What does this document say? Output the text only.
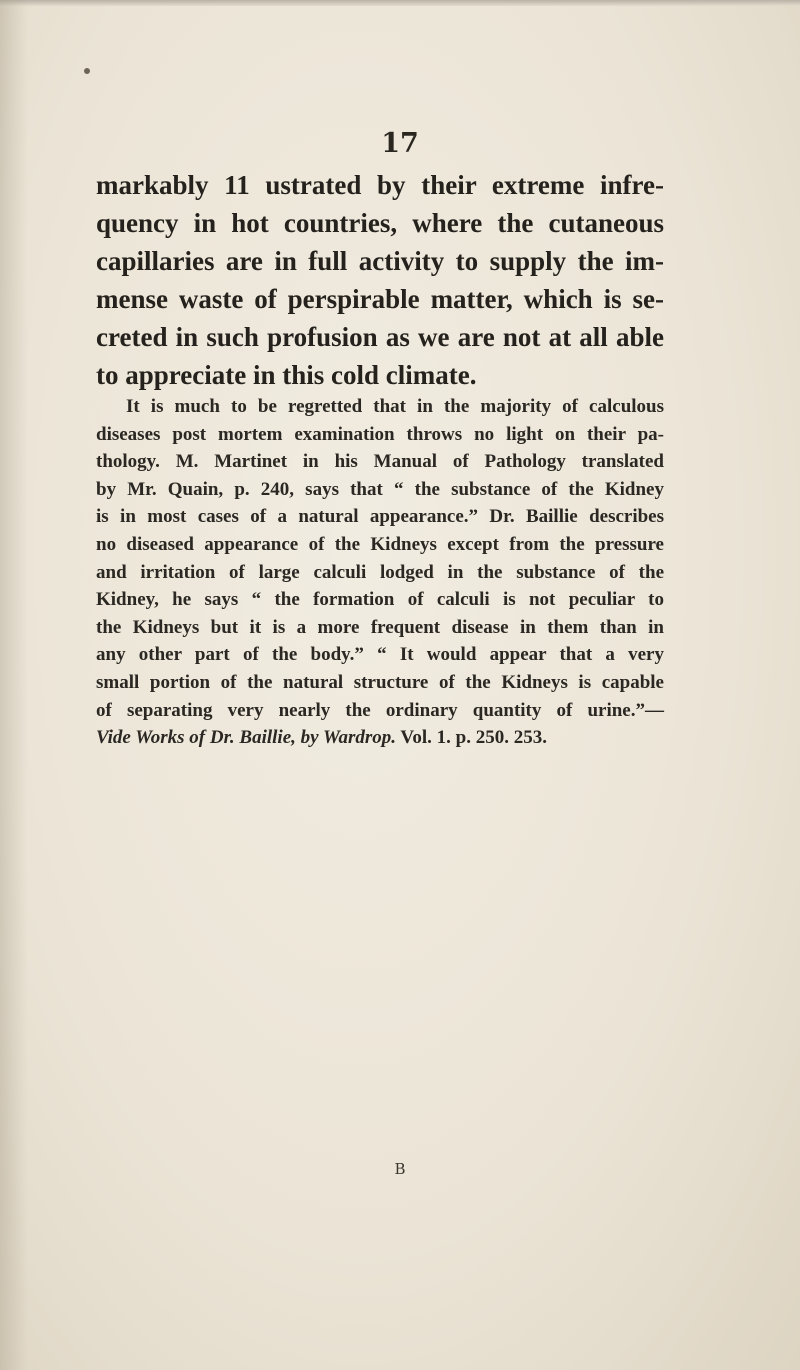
17

markably 11 ustrated by their extreme infre-
quency in hot countries, where the cutaneous
capillaries are in full activity to supply the im-
mense waste of perspirable matter, which is se-
creted in such profusion as we are not at all able
to appreciate in this cold climate.

It is much to be regretted that in the majority of calculous
diseases post mortem examination throws no light on their pa-
thology. M. Martinet in his Manual of Pathology translated
by Mr. Quain, p. 240, says that “ the substance of the Kidney
is in most cases of a natural appearance.” Dr. Baillie describes
no diseased appearance of the Kidneys except from the pressure
and irritation of large calculi lodged in the substance of the
Kidney, he says “ the formation of calculi is not peculiar to
the Kidneys but it is a more frequent disease in them than in
any other part of the body.” “ It would appear that a very
small portion of the natural structure of the Kidneys is capable
of separating very nearly the ordinary quantity of urine.”—
Vide Works of Dr. Baillie, by Wardrop. Vol. 1. p. 250. 253.

B
